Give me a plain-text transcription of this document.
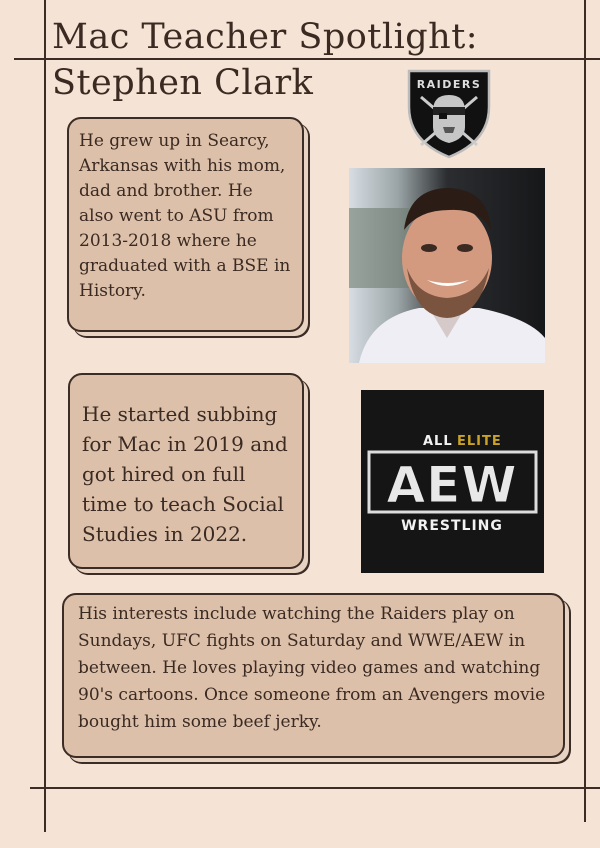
Mac Teacher Spotlight:
Stephen Clark	RAIDERS
He grew up in Searcy, Arkansas with his mom, dad and brother. He also went to ASU from 2013-2018 where he graduated with a BSE in History.
He started subbing for Mac in 2019 and got hired on full time to teach Social Studies in 2022.
ALL ELITE
AEW
WRESTLING
His interests include watching the Raiders play on Sundays, UFC fights on Saturday and WWE/AEW in between. He loves playing video games and watching 90's cartoons. Once someone from an Avengers movie bought him some beef jerky.
